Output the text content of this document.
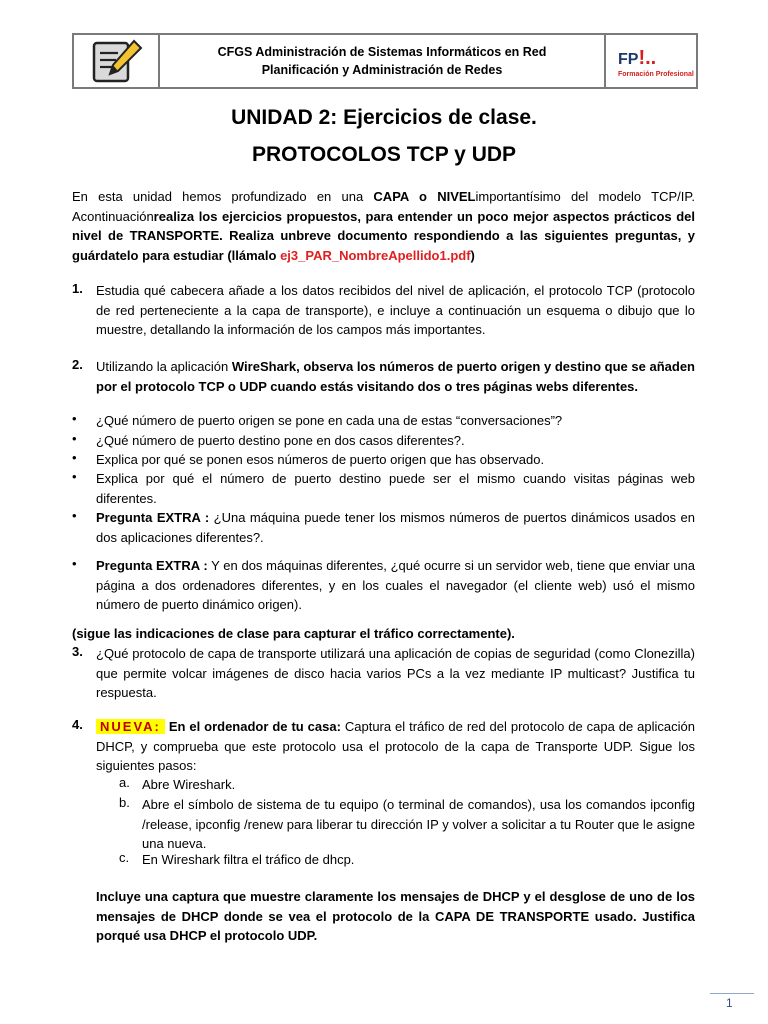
CFGS Administración de Sistemas Informáticos en Red
Planificación y Administración de Redes
FP!..
Formación Profesional
UNIDAD 2: Ejercicios de clase.
PROTOCOLOS TCP y UDP

En esta unidad hemos profundizado en una CAPA o NIVELimportantísimo del modelo TCP/IP. Acontinuaciónrealiza los ejercicios propuestos, para entender un poco mejor aspectos prácticos del nivel de TRANSPORTE. Realiza unbreve documento respondiendo a las siguientes preguntas, y guárdatelo para estudiar (llámalo ej3_PAR_NombreApellido1.pdf)

1. Estudia qué cabecera añade a los datos recibidos del nivel de aplicación, el protocolo TCP (protocolo de red perteneciente a la capa de transporte), e incluye a continuación un esquema o dibujo que lo muestre, detallando la información de los campos más importantes.

2. Utilizando la aplicación WireShark, observa los números de puerto origen y destino que se añaden por el protocolo TCP o UDP cuando estás visitando dos o tres páginas webs diferentes.

• ¿Qué número de puerto origen se pone en cada una de estas “conversaciones”?

• ¿Qué número de puerto destino pone en dos casos diferentes?.

• Explica por qué se ponen esos números de puerto origen que has observado.

• Explica por qué el número de puerto destino puede ser el mismo cuando visitas páginas web diferentes.

• Pregunta EXTRA : ¿Una máquina puede tener los mismos números de puertos dinámicos usados en dos aplicaciones diferentes?.

• Pregunta EXTRA : Y en dos máquinas diferentes, ¿qué ocurre si un servidor web, tiene que enviar una página a dos ordenadores diferentes, y en los cuales el navegador (el cliente web) usó el mismo número de puerto dinámico origen).

(sigue las indicaciones de clase para capturar el tráfico correctamente).

3. ¿Qué protocolo de capa de transporte utilizará una aplicación de copias de seguridad (como Clonezilla) que permite volcar imágenes de disco hacia varios PCs a la vez mediante IP multicast? Justifica tu respuesta.

4.	NUEVA: En el ordenador de tu casa: Captura el tráfico de red del protocolo de capa de aplicación DHCP, y comprueba que este protocolo usa el protocolo de la capa de Transporte UDP. Sigue los siguientes pasos:

a. Abre Wireshark.

b. Abre el símbolo de sistema de tu equipo (o terminal de comandos), usa los comandos ipconfig /release, ipconfig /renew para liberar tu dirección IP y volver a solicitar a tu Router que le asigne una nueva.

c. En Wireshark filtra el tráfico de dhcp.

Incluye una captura que muestre claramente los mensajes de DHCP y el desglose de uno de los mensajes de DHCP donde se vea el protocolo de la CAPA DE TRANSPORTE usado. Justifica porqué usa DHCP el protocolo UDP.

1
